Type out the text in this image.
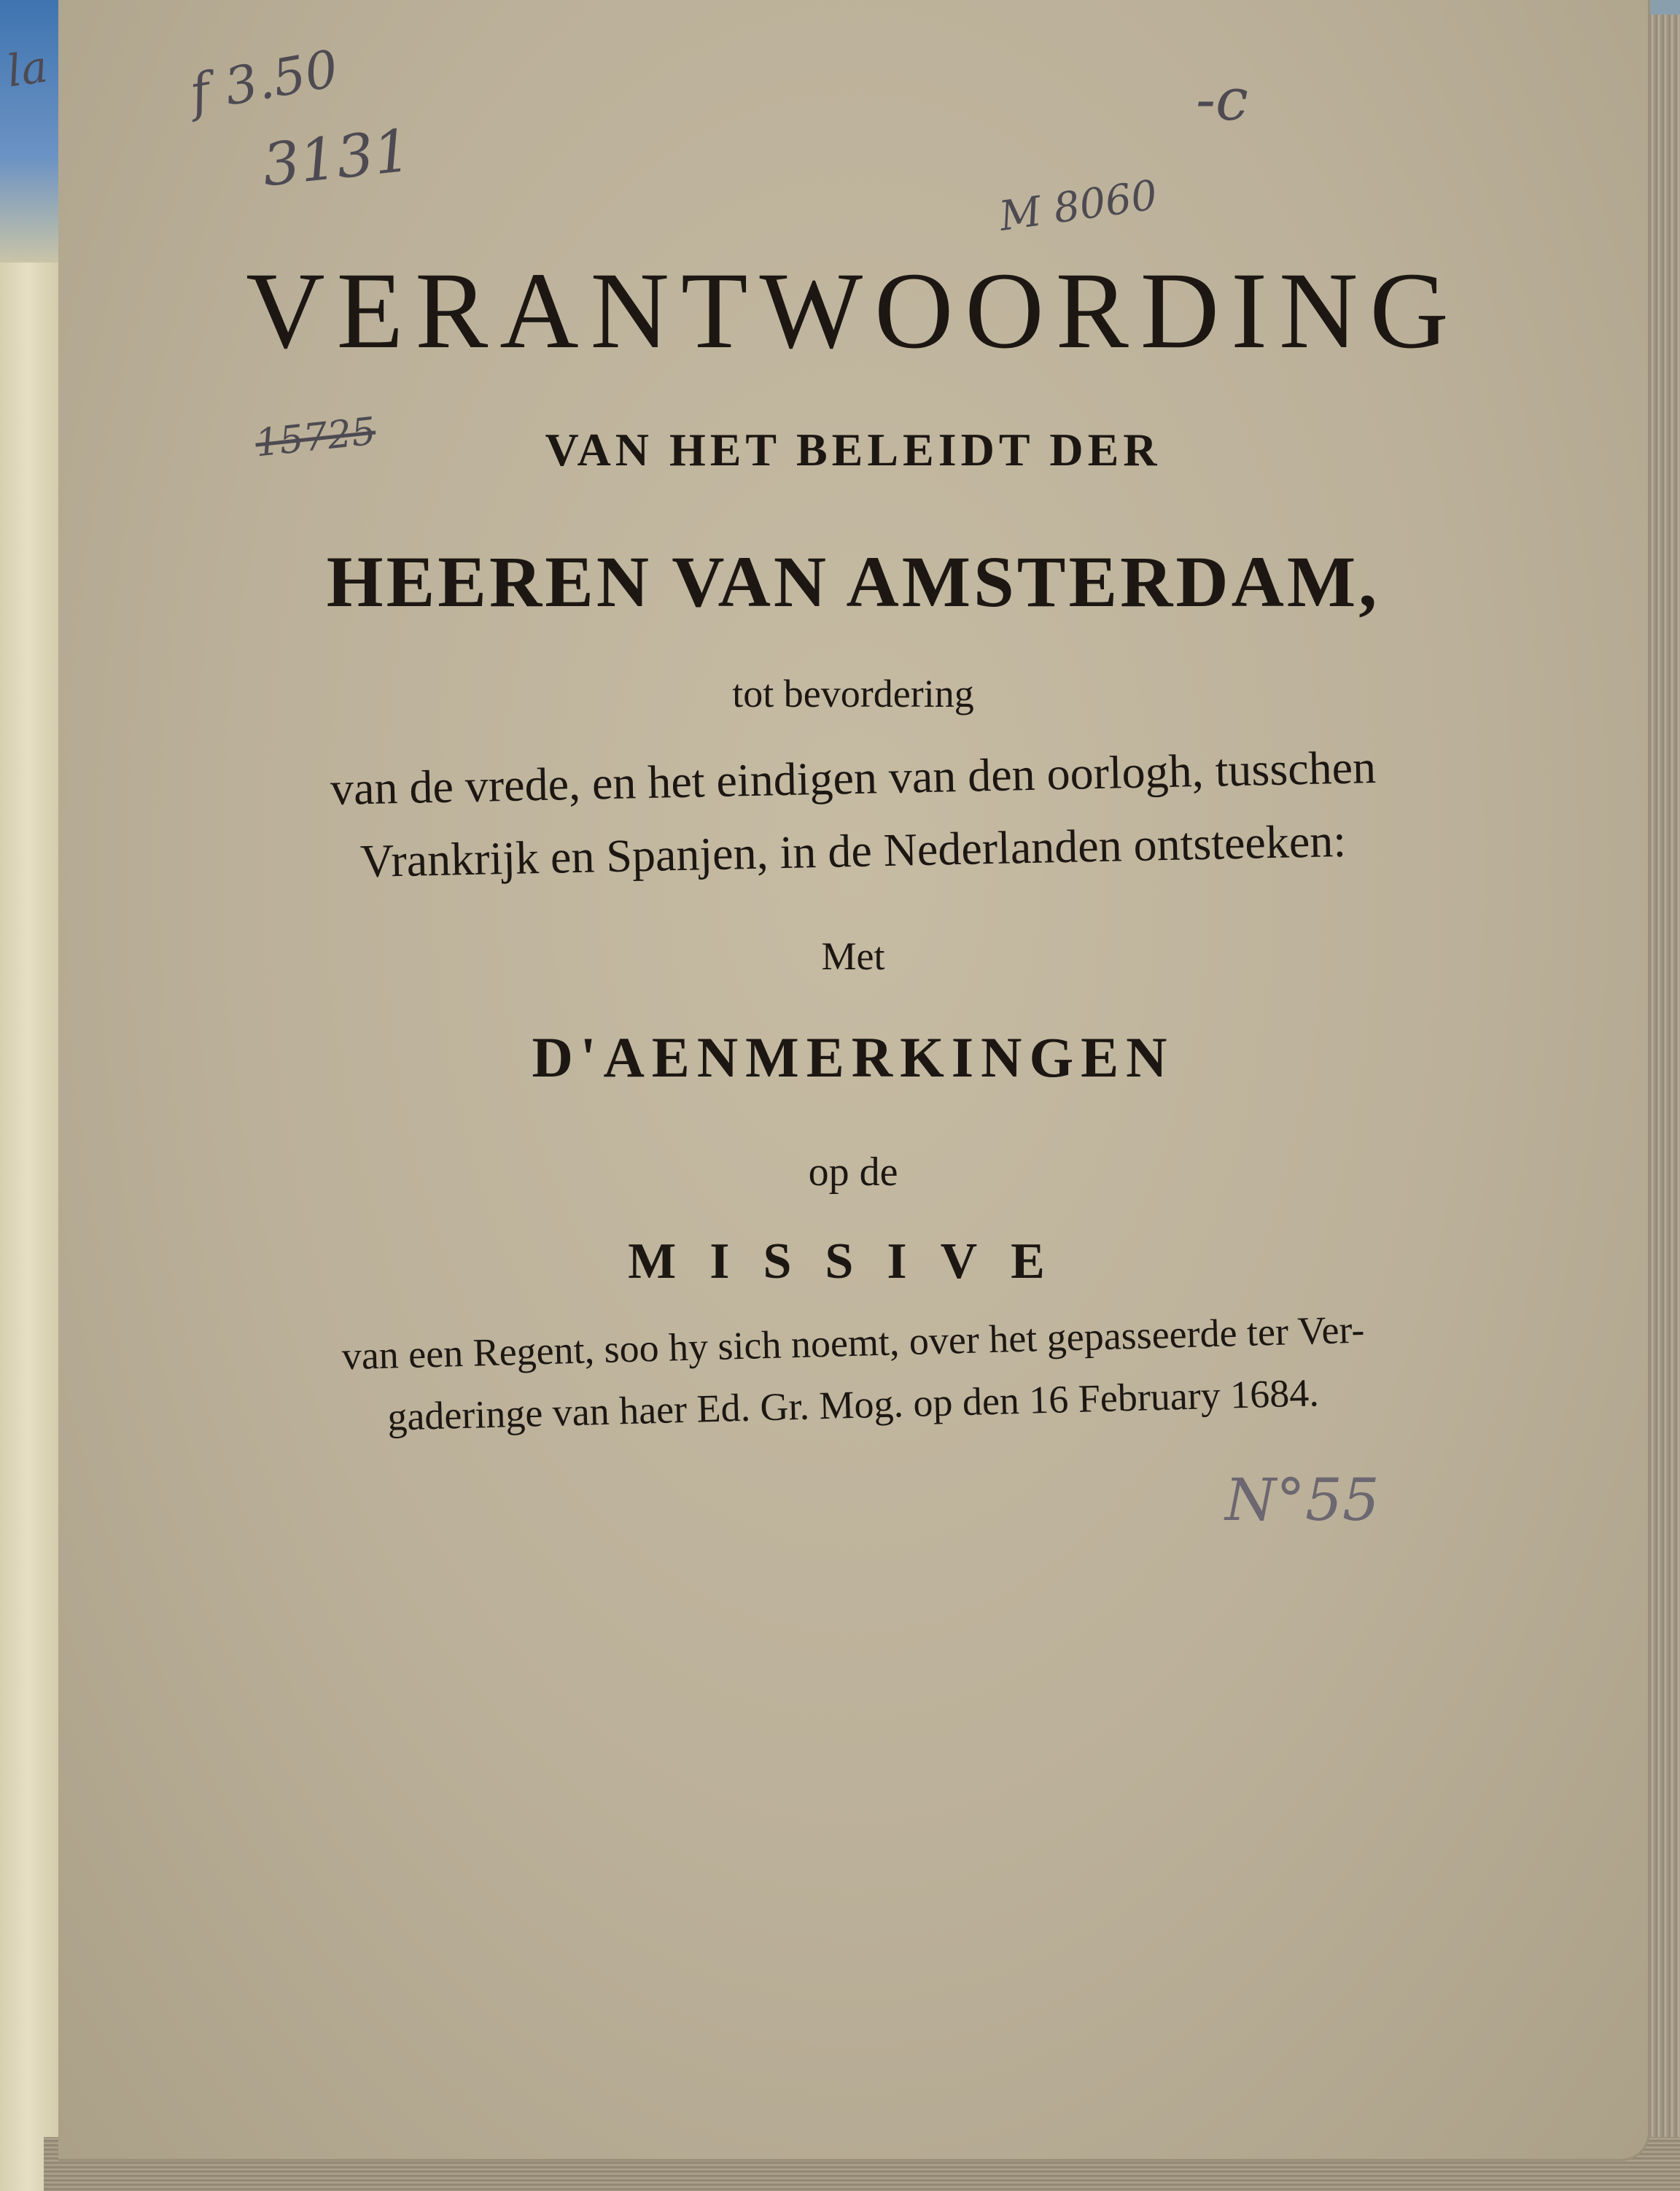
VERANTWOORDING
VAN HET BELEIDT DER
HEEREN VAN AMSTERDAM,
tot bevordering
van de vrede, en het eindigen van den oorlogh, tusschen
Vrankrijk en Spanjen, in de Nederlanden ontsteeken:
Met
D'AENMERKINGEN
op de
MISSIVE
van een Regent, soo hy sich noemt, over het gepasseerde ter Ver-
gaderinge van haer Ed. Gr. Mog. op den 16 February 1684.
la	f 3.50
3131
-c
M 8060
15725
N°55
